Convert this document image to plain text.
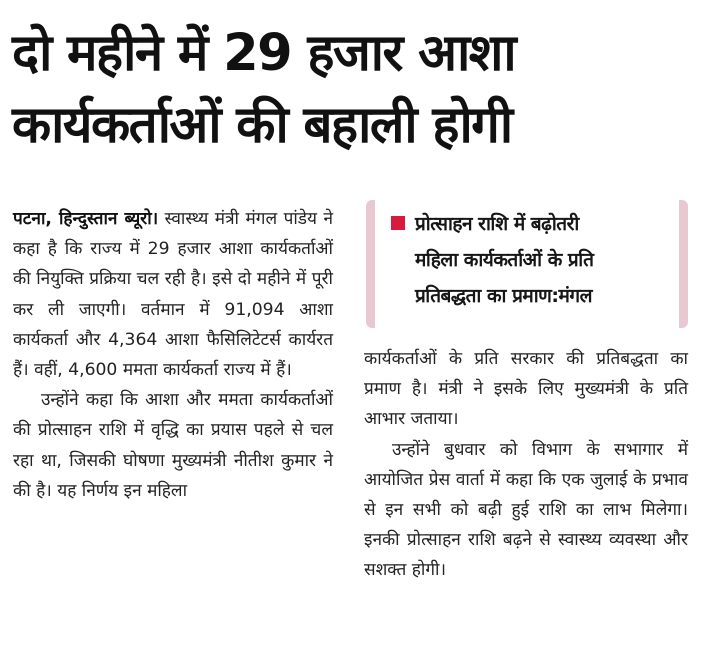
दो महीने में 29 हजार आशा
कार्यकर्ताओं की बहाली होगी

पटना, हिन्दुस्तान ब्यूरो। स्वास्थ्य मंत्री मंगल पांडेय ने कहा है कि राज्य में 29 हजार आशा कार्यकर्ताओं की नियुक्ति प्रक्रिया चल रही है। इसे दो महीने में पूरी कर ली जाएगी। वर्तमान में 91,094 आशा कार्यकर्ता और 4,364 आशा फैसिलिटेटर्स कार्यरत हैं। वहीं, 4,600 ममता कार्यकर्ता राज्य में हैं।

उन्होंने कहा कि आशा और ममता कार्यकर्ताओं की प्रोत्साहन राशि में वृद्धि का प्रयास पहले से चल रहा था, जिसकी घोषणा मुख्यमंत्री नीतीश कुमार ने की है। यह निर्णय इन महिला

प्रोत्साहन राशि में बढ़ोतरी
महिला कार्यकर्ताओं के प्रति
प्रतिबद्धता का प्रमाण:मंगल

कार्यकर्ताओं के प्रति सरकार की प्रतिबद्धता का प्रमाण है। मंत्री ने इसके लिए मुख्यमंत्री के प्रति आभार जताया।

उन्होंने बुधवार को विभाग के सभागार में आयोजित प्रेस वार्ता में कहा कि एक जुलाई के प्रभाव से इन सभी को बढ़ी हुई राशि का लाभ मिलेगा। इनकी प्रोत्साहन राशि बढ़ने से स्वास्थ्य व्यवस्था और सशक्त होगी।
